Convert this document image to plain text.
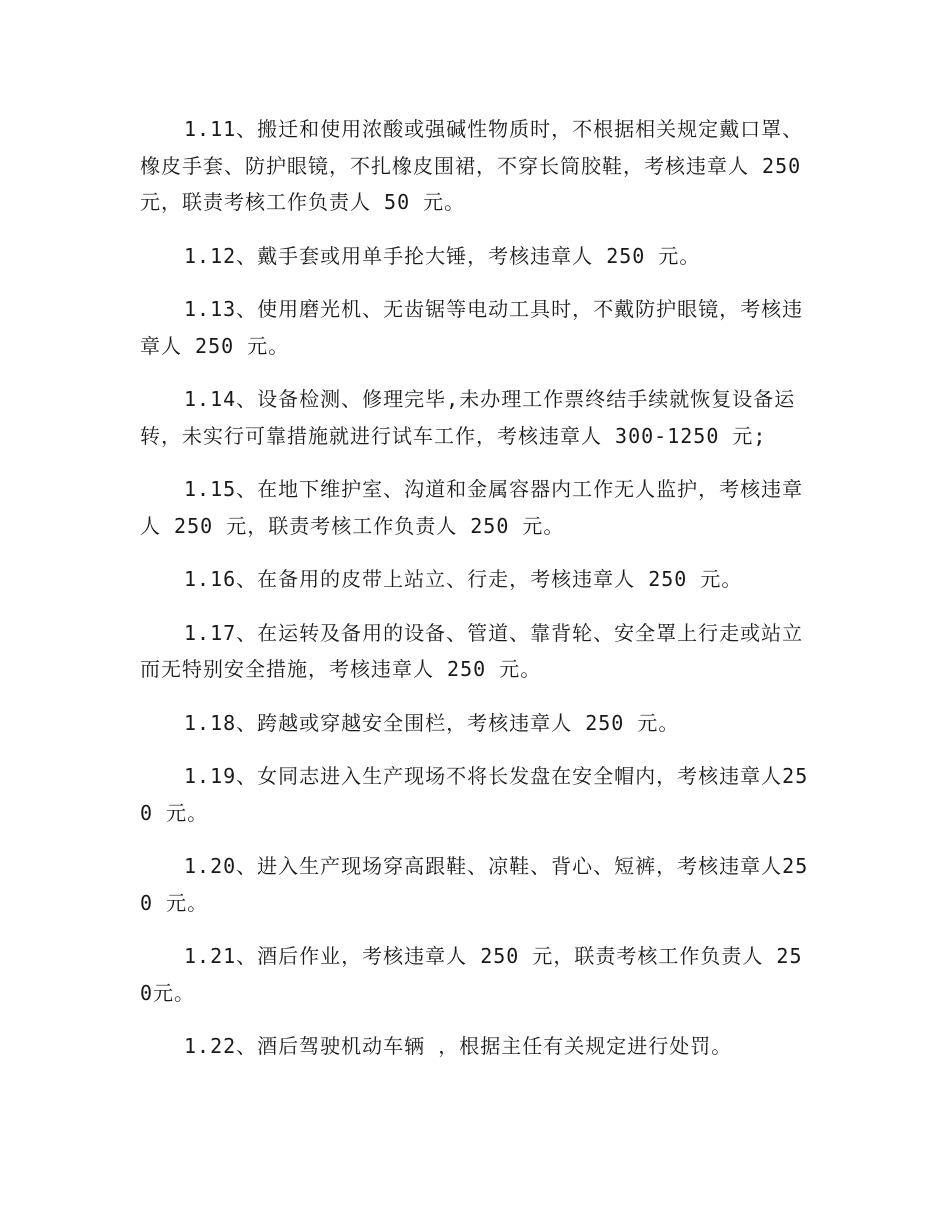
1.11、搬迁和使用浓酸或强碱性物质时，不根据相关规定戴口罩、橡皮手套、防护眼镜，不扎橡皮围裙，不穿长筒胶鞋，考核违章人 250 元，联责考核工作负责人 50 元。

1.12、戴手套或用单手抡大锤，考核违章人 250 元。

1.13、使用磨光机、无齿锯等电动工具时，不戴防护眼镜，考核违章人 250 元。

1.14、设备检测、修理完毕,未办理工作票终结手续就恢复设备运转，未实行可靠措施就进行试车工作，考核违章人 300-1250 元;

1.15、在地下维护室、沟道和金属容器内工作无人监护，考核违章人 250 元，联责考核工作负责人 250 元。

1.16、在备用的皮带上站立、行走，考核违章人 250 元。

1.17、在运转及备用的设备、管道、靠背轮、安全罩上行走或站立而无特别安全措施，考核违章人 250 元。

1.18、跨越或穿越安全围栏，考核违章人 250 元。

1.19、女同志进入生产现场不将长发盘在安全帽内，考核违章人250 元。

1.20、进入生产现场穿高跟鞋、凉鞋、背心、短裤，考核违章人250 元。

1.21、酒后作业，考核违章人 250 元，联责考核工作负责人 250元。

1.22、酒后驾驶机动车辆 ，根据主任有关规定进行处罚。
